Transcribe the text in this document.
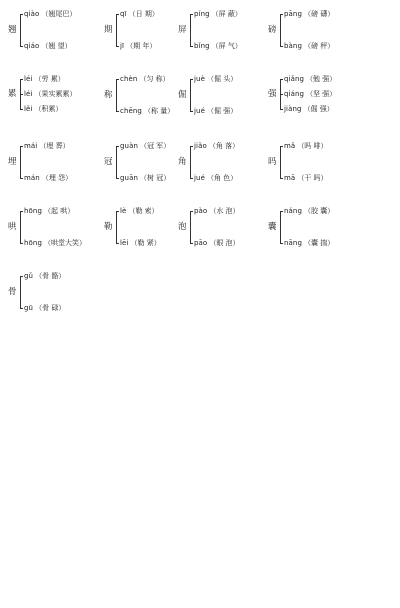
翘
qiào （翘尾巴）
qiáo （翘 望）
期
qī （日 期）
jī （期 年）
屏
píng （屏 蔽）
bǐng （屏 气）
磅
pāng （磅 礴）
bàng （磅 秤）
累
léi （劳 累）
léi （果实累累）
lěi （积累）
称
chèn （匀 称）
chēng （称 量）
倔
juè （倔 头）
jué （倔 强）
强
qiǎng （勉 强）
qiáng （坚 强）
jiàng （倔 强）
埋
mái （埋 葬）
mán （埋 怨）
冠
guàn （冠 军）
guān （树 冠）
角
jiǎo （角 落）
jué （角 色）
吗
mǎ （吗 啡）
mā （干 吗）
哄
hōng （起 哄）
hōng （哄堂大笑）
勒
lè （勒 索）
lēi （勒 紧）
泡
pào （水 泡）
pāo （眼 泡）
囊
náng （胶 囊）
nāng （囊 揣）
骨
gǔ （骨 骼）
gū （骨 碌）
